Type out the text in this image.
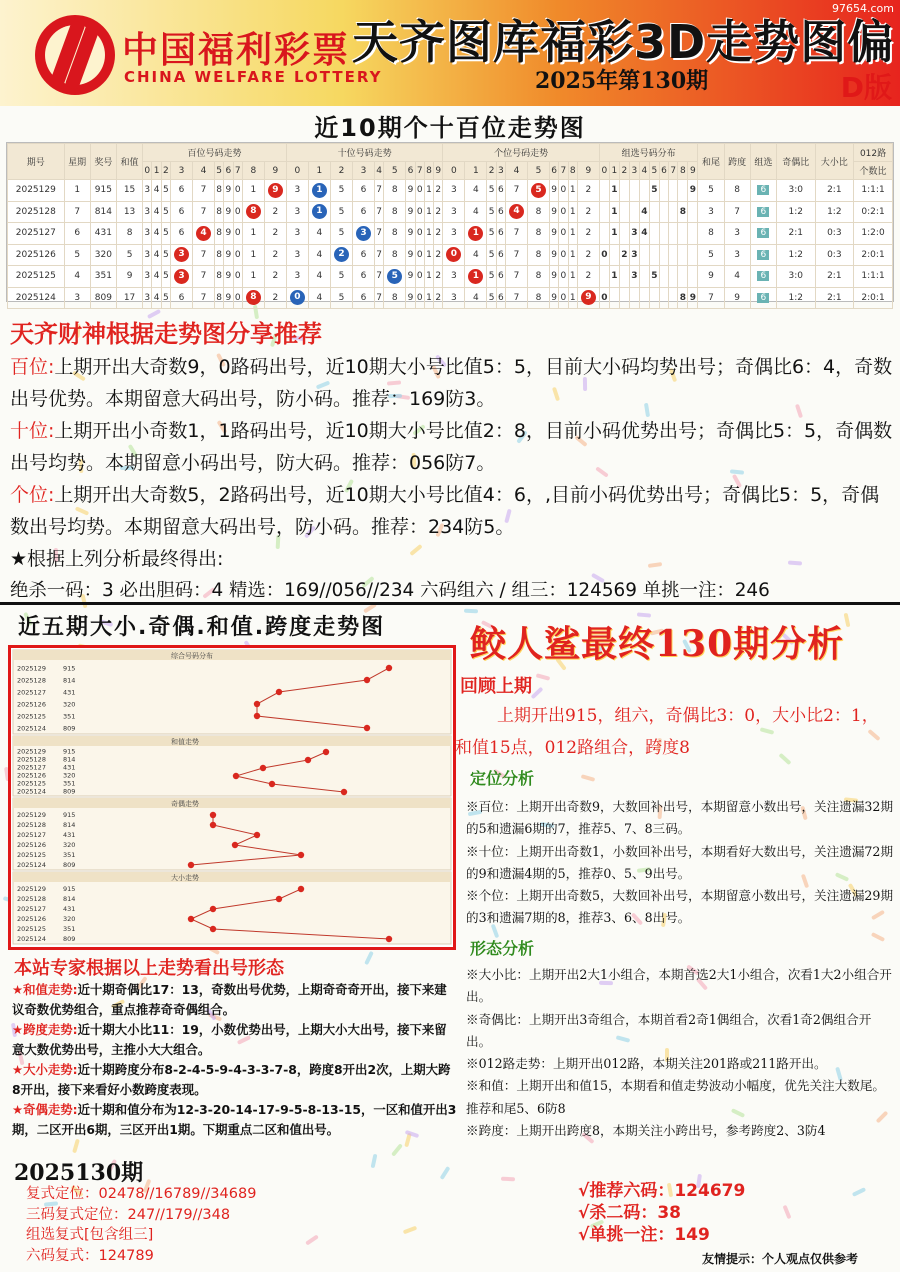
中国福利彩票
CHINA WELFARE LOTTERY
天齐图库福彩3D走势图偏
2025年第130期	D版
97654.com
近10期个十百位走势图
期号	星期	奖号	和值	百位号码走势										十位号码走势										个位号码走势										组选号码分布										和尾	跨度	组选	奇偶比	大小比	012路
				0	1	2	3	4	5	6	7	8	9	0	1	2	3	4	5	6	7	8	9	0	1	2	3	4	5	6	7	8	9	0	1	2	3	4	5	6	7	8	9						个数比
2025129	1	915	15	3	4	5	6	7	8	9	0	1	9	3	1	5	6	7	8	9	0	1	2	3	4	5	6	7	5	9	0	1	2		1				5				9	5	8	6	3:0	2:1	1:1:1
2025128	7	814	13	3	4	5	6	7	8	9	0	8	2	3	1	5	6	7	8	9	0	1	2	3	4	5	6	4	8	9	0	1	2		1			4				8		3	7	6	1:2	1:2	0:2:1
2025127	6	431	8	3	4	5	6	4	8	9	0	1	2	3	4	5	3	7	8	9	0	1	2	3	1	5	6	7	8	9	0	1	2		1		3	4						8	3	6	2:1	0:3	1:2:0
2025126	5	320	5	3	4	5	3	7	8	9	0	1	2	3	4	2	6	7	8	9	0	1	2	0	4	5	6	7	8	9	0	1	2	0		2	3							5	3	6	1:2	0:3	2:0:1
2025125	4	351	9	3	4	5	3	7	8	9	0	1	2	3	4	5	6	7	5	9	0	1	2	3	1	5	6	7	8	9	0	1	2		1		3		5					9	4	6	3:0	2:1	1:1:1
2025124	3	809	17	3	4	5	6	7	8	9	0	8	2	0	4	5	6	7	8	9	0	1	2	3	4	5	6	7	8	9	0	1	9	0								8	9	7	9	6	1:2	2:1	2:0:1
天齐财神根据走势图分享推荐
百位:上期开出大奇数9，0路码出号，近10期大小号比值5：5，目前大小码均势出号；奇偶比6：4，奇数出号优势。本期留意大码出号，防小码。推荐：169防3。
十位:上期开出小奇数1，1路码出号，近10期大小号比值2：8，目前小码优势出号；奇偶比5：5，奇偶数出号均势。本期留意小码出号，防大码。推荐：056防7。
个位:上期开出大奇数5，2路码出号，近10期大小号比值4：6，,目前小码优势出号；奇偶比5：5，奇偶数出号均势。本期留意大码出号，防小码。推荐：234防5。
★根据上列分析最终得出:
绝杀一码：3 必出胆码：4 精选：169//056//234 六码组六 / 组三：124569 单挑一注：246
近五期大小.奇偶.和值.跨度走势图
综合号码分布
2025129	915
2025128	814
2025127	431
2025126	320
2025125	351
2025124	809
和值走势
2025129	915
2025128	814
2025127	431
2025126	320
2025125	351
2025124	809
奇偶走势
2025129	915
2025128	814
2025127	431
2025126	320
2025125	351
2025124	809
大小走势
2025129	915
2025128	814
2025127	431
2025126	320
2025125	351
2025124	809
本站专家根据以上走势看出号形态
★和值走势:近十期奇偶比17：13，奇数出号优势，上期奇奇奇开出，接下来建议奇数优势组合，重点推荐奇奇偶组合。
★跨度走势:近十期大小比11：19，小数优势出号，上期大小大出号，接下来留意大数优势出号，主推小大大组合。
★大小走势:近十期跨度分布8-2-4-5-9-4-3-3-7-8，跨度8开出2次，上期大跨8开出，接下来看好小数跨度表现。
★奇偶走势:近十期和值分布为12-3-20-14-17-9-5-8-13-15，一区和值开出3期，二区开出6期，三区开出1期。下期重点二区和值出号。
2025130期
复式定位：02478//16789//34689
三码复式定位：247//179//348
组选复式[包含组三]
六码复式：124789
鲛人鲨最终130期分析
回顾上期
上期开出915，组六，奇偶比3：0，大小比2：1，和值15点，012路组合，跨度8
定位分析
※百位：上期开出奇数9，大数回补出号，本期留意小数出号，关注遗漏32期的5和遗漏6期的7，推荐5、7、8三码。
※十位：上期开出奇数1，小数回补出号，本期看好大数出号，关注遗漏72期的9和遗漏4期的5，推荐0、5、9出号。
※个位：上期开出奇数5，大数回补出号，本期留意小数出号，关注遗漏29期的3和遗漏7期的8，推荐3、6、8出号。
形态分析
※大小比：上期开出2大1小组合，本期首选2大1小组合，次看1大2小组合开出。
※奇偶比：上期开出3奇组合，本期首看2奇1偶组合，次看1奇2偶组合开出。
※012路走势：上期开出012路，本期关注201路或211路开出。
※和值：上期开出和值15，本期看和值走势波动小幅度，优先关注大数尾。推荐和尾5、6防8
※跨度：上期开出跨度8，本期关注小跨出号，参考跨度2、3防4
√推荐六码：124679
√杀二码：38
√单挑一注：149
友情提示：个人观点仅供参考
